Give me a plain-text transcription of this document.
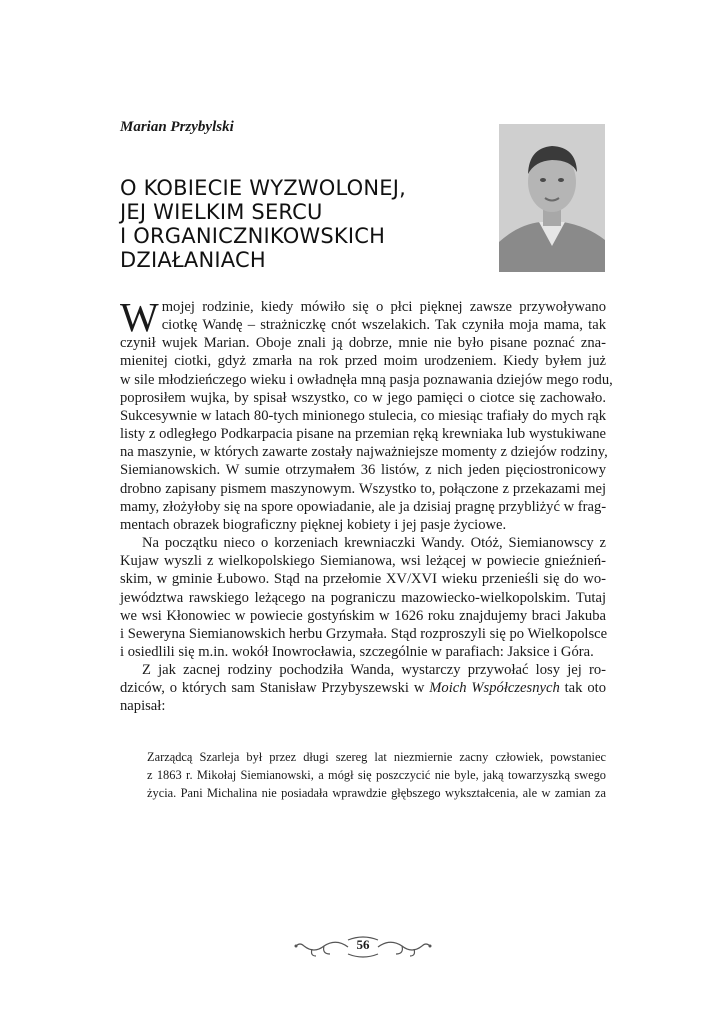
Marian Przybylski
O KOBIECIE WYZWOLONEJ,
JEJ WIELKIM SERCU
I ORGANICZNIKOWSKICH
DZIAŁANIACH
W mojej rodzinie, kiedy mówiło się o płci pięknej zawsze przywoływano
ciotkę Wandę – strażniczkę cnót wszelakich. Tak czyniła moja mama, tak
czynił wujek Marian. Oboje znali ją dobrze, mnie nie było pisane poznać zna-
mienitej ciotki, gdyż zmarła na rok przed moim urodzeniem. Kiedy byłem już
w sile młodzieńczego wieku i owładnęła mną pasja poznawania dziejów mego rodu,
poprosiłem wujka, by spisał wszystko, co w jego pamięci o ciotce się zachowało.
Sukcesywnie w latach 80-tych minionego stulecia, co miesiąc trafiały do mych rąk
listy z odległego Podkarpacia pisane na przemian ręką krewniaka lub wystukiwane
na maszynie, w których zawarte zostały najważniejsze momenty z dziejów rodziny,
Siemianowskich. W sumie otrzymałem 36 listów, z nich jeden pięciostronicowy
drobno zapisany pismem maszynowym. Wszystko to, połączone z przekazami mej
mamy, złożyłoby się na spore opowiadanie, ale ja dzisiaj pragnę przybliżyć w frag-
mentach obrazek biograficzny pięknej kobiety i jej pasje życiowe.
Na początku nieco o korzeniach krewniaczki Wandy. Otóż, Siemianowscy z
Kujaw wyszli z wielkopolskiego Siemianowa, wsi leżącej w powiecie gnieźnień-
skim, w gminie Łubowo. Stąd na przełomie XV/XVI wieku przenieśli się do wo-
jewództwa rawskiego leżącego na pograniczu mazowiecko-wielkopolskim. Tutaj
we wsi Kłonowiec w powiecie gostyńskim w 1626 roku znajdujemy braci Jakuba
i Seweryna Siemianowskich herbu Grzymała. Stąd rozproszyli się po Wielkopolsce
i osiedlili się m.in. wokół Inowrocławia, szczególnie w parafiach: Jaksice i Góra.
Z jak zacnej rodziny pochodziła Wanda, wystarczy przywołać losy jej ro-
dziców, o których sam Stanisław Przybyszewski w Moich Współczesnych tak oto
napisał:
Zarządcą Szarleja był przez długi szereg lat niezmiernie zacny człowiek, powstaniec
z 1863 r. Mikołaj Siemianowski, a mógł się poszczycić nie byle, jaką towarzyszką swego
życia. Pani Michalina nie posiadała wprawdzie głębszego wykształcenia, ale w zamian za
56
